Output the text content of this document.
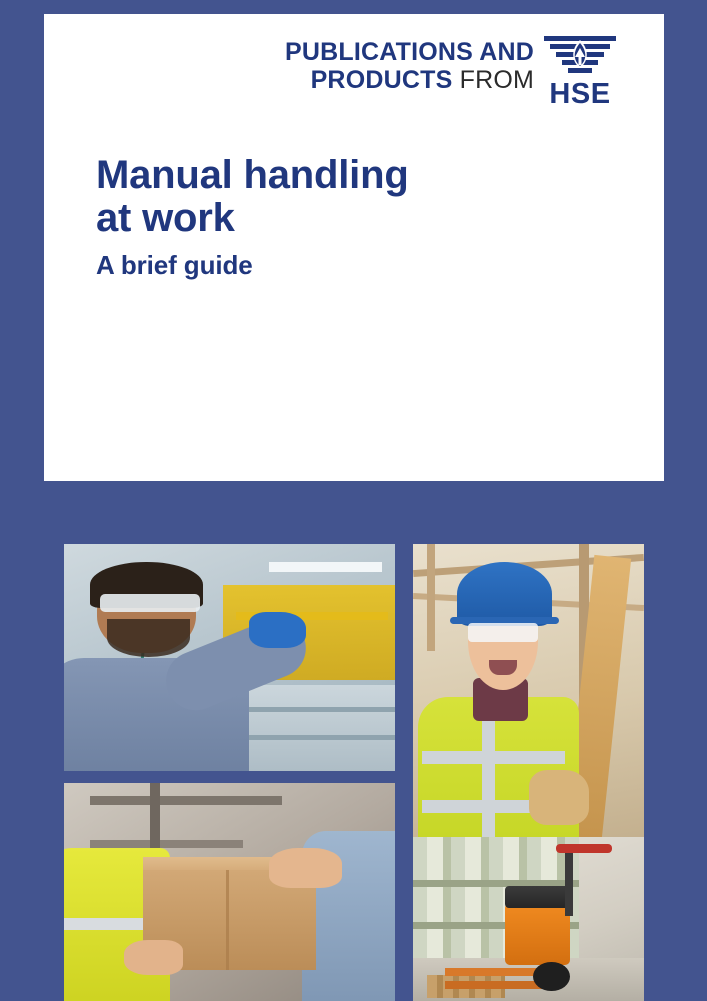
PUBLICATIONS AND
PRODUCTS FROM HSE
Manual handling
at work
A brief guide
